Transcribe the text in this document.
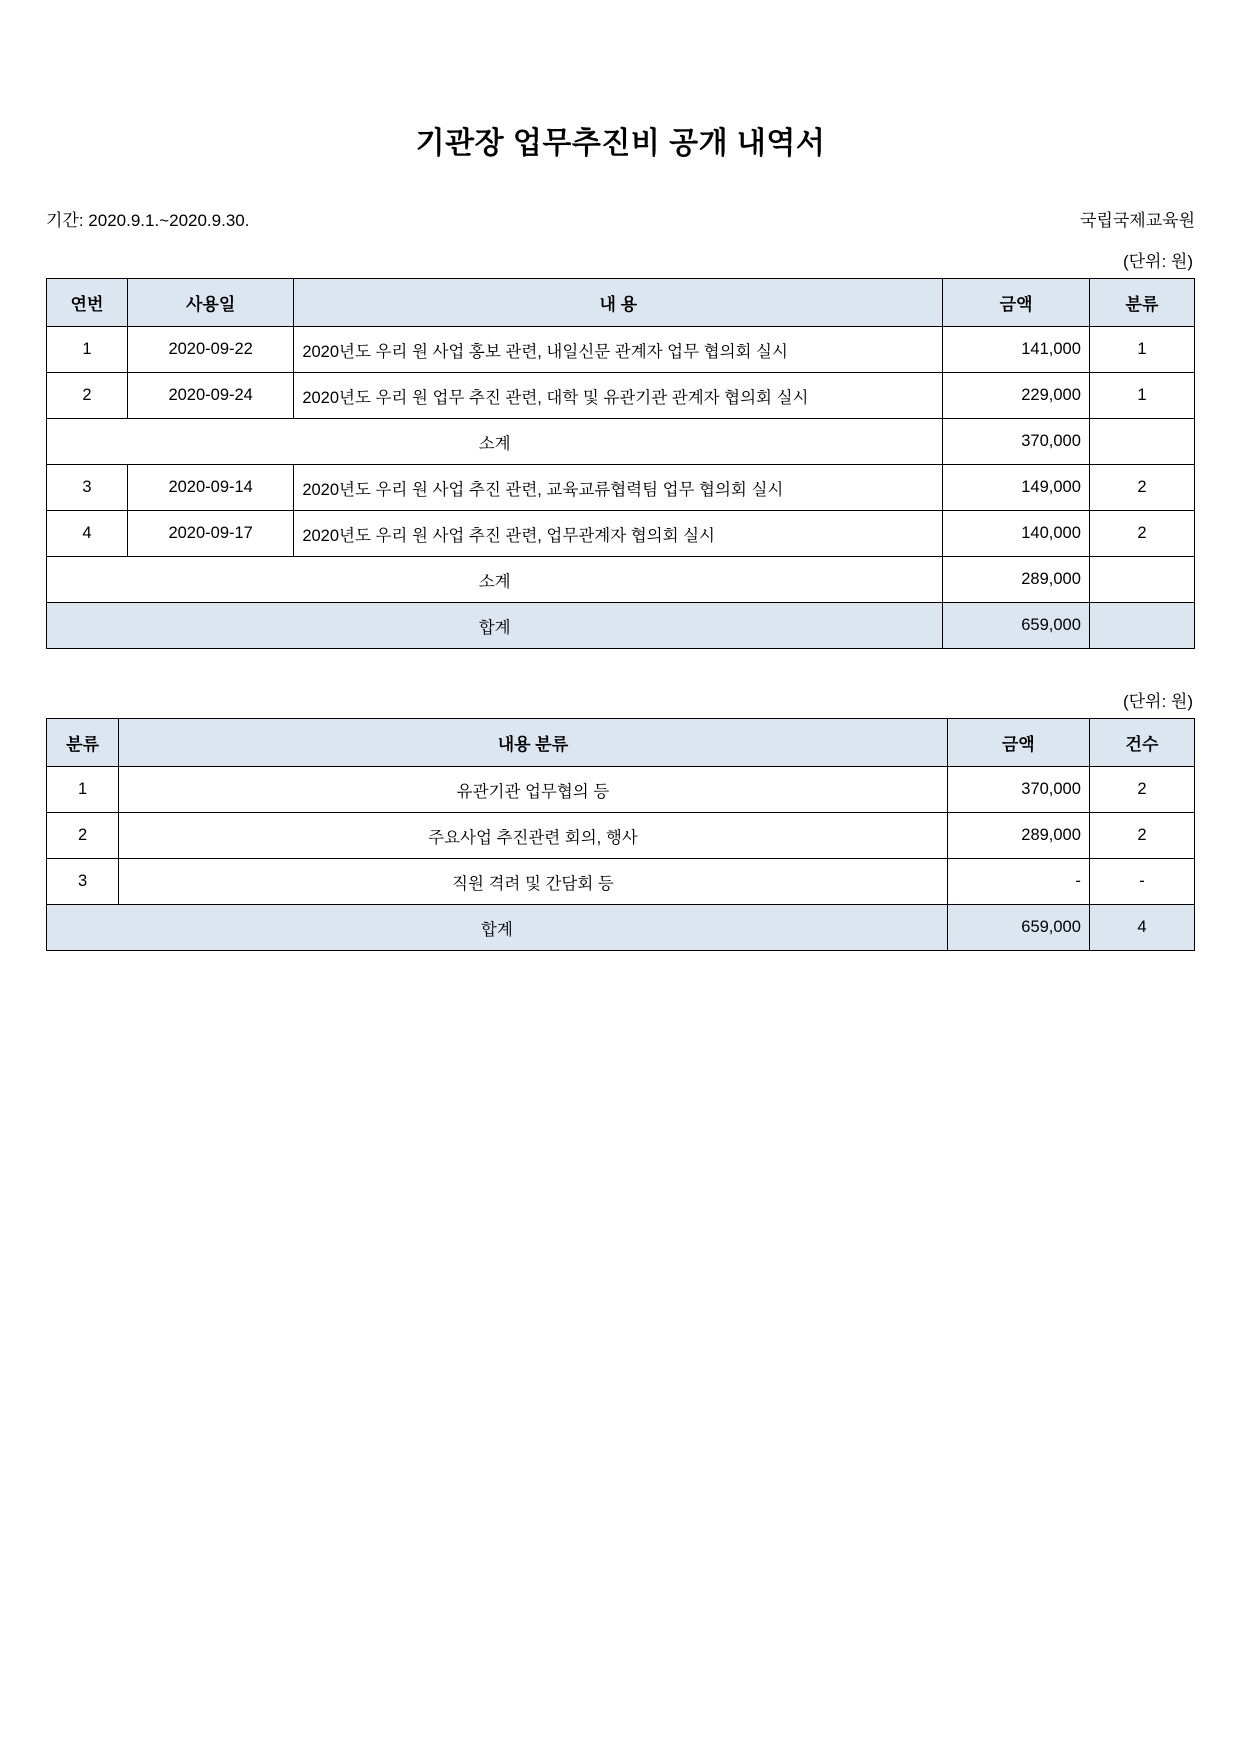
기관장 업무추진비 공개 내역서
기간: 2020.9.1.~2020.9.30.	국립국제교육원
(단위: 원)
연번	사용일	내 용	금액	분류
1	2020-09-22	2020년도 우리 원 사업 홍보 관련, 내일신문 관계자 업무 협의회 실시	141,000	1
2	2020-09-24	2020년도 우리 원 업무 추진 관련, 대학 및 유관기관 관계자 협의회 실시	229,000	1
소계			370,000	
3	2020-09-14	2020년도 우리 원 사업 추진 관련, 교육교류협력팀 업무 협의회 실시	149,000	2
4	2020-09-17	2020년도 우리 원 사업 추진 관련, 업무관계자 협의회 실시	140,000	2
소계			289,000	
합계			659,000	
(단위: 원)
분류	내용 분류	금액	건수
1	유관기관 업무협의 등	370,000	2
2	주요사업 추진관련 회의, 행사	289,000	2
3	직원 격려 및 간담회 등	-	-
합계		659,000	4
